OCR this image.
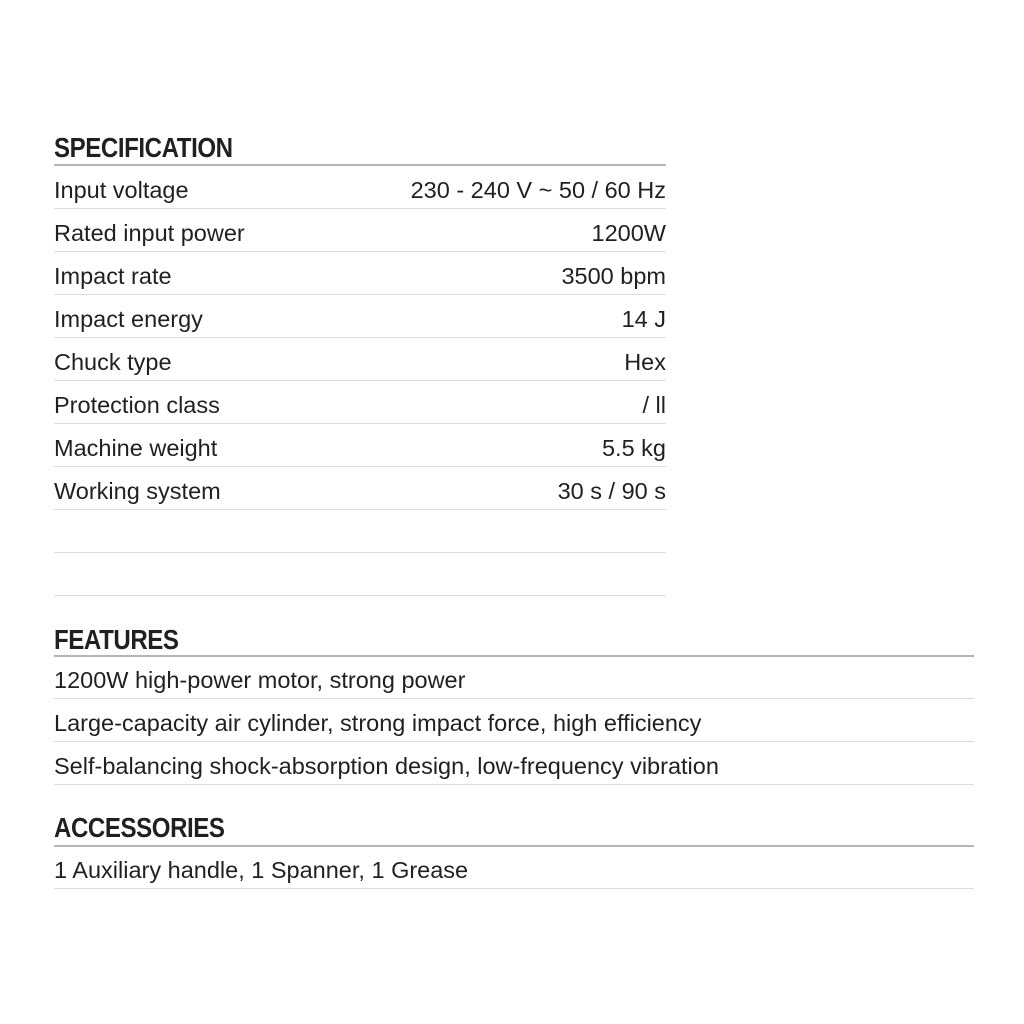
SPECIFICATION
Input voltage	230 - 240 V ~ 50 / 60 Hz
Rated input power	1200W
Impact rate	3500 bpm
Impact energy	14 J
Chuck type	Hex
Protection class	/ ll
Machine weight	5.5 kg
Working system	30 s / 90 s
FEATURES
1200W high-power motor, strong power
Large-capacity air cylinder, strong impact force, high efficiency
Self-balancing shock-absorption design, low-frequency vibration
ACCESSORIES
1 Auxiliary handle, 1 Spanner, 1 Grease
